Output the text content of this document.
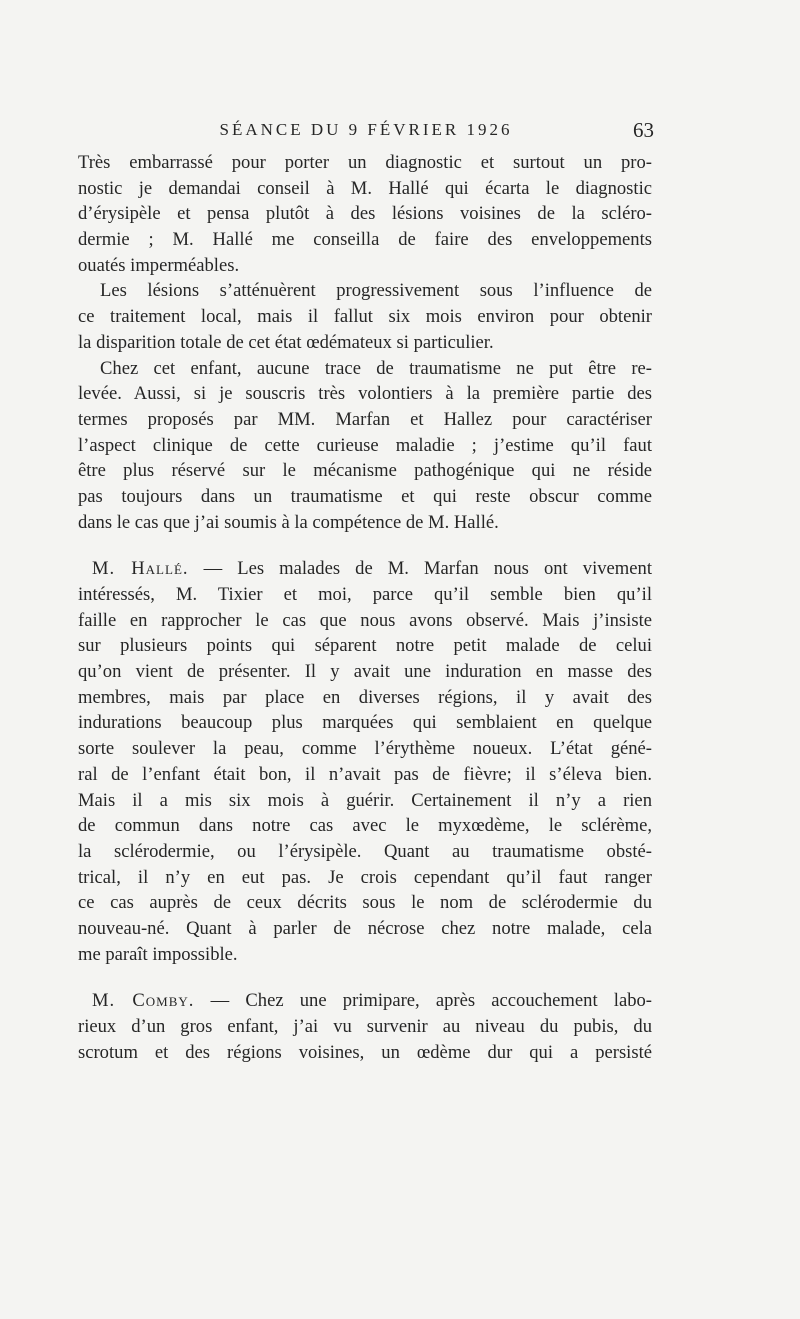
SÉANCE DU 9 FÉVRIER 1926	63
Très embarrassé pour porter un diagnostic et surtout un pro-
nostic je demandai conseil à M. Hallé qui écarta le diagnostic
d’érysipèle et pensa plutôt à des lésions voisines de la scléro-
dermie ; M. Hallé me conseilla de faire des enveloppements
ouatés imperméables.
Les lésions s’atténuèrent progressivement sous l’influence de
ce traitement local, mais il fallut six mois environ pour obtenir
la disparition totale de cet état œdémateux si particulier.
Chez cet enfant, aucune trace de traumatisme ne put être re-
levée. Aussi, si je souscris très volontiers à la première partie des
termes proposés par MM. Marfan et Hallez pour caractériser
l’aspect clinique de cette curieuse maladie ; j’estime qu’il faut
être plus réservé sur le mécanisme pathogénique qui ne réside
pas toujours dans un traumatisme et qui reste obscur comme
dans le cas que j’ai soumis à la compétence de M. Hallé.
M. Hallé. — Les malades de M. Marfan nous ont vivement
intéressés, M. Tixier et moi, parce qu’il semble bien qu’il
faille en rapprocher le cas que nous avons observé. Mais j’insiste
sur plusieurs points qui séparent notre petit malade de celui
qu’on vient de présenter. Il y avait une induration en masse des
membres, mais par place en diverses régions, il y avait des
indurations beaucoup plus marquées qui semblaient en quelque
sorte soulever la peau, comme l’érythème noueux. L’état géné-
ral de l’enfant était bon, il n’avait pas de fièvre; il s’éleva bien.
Mais il a mis six mois à guérir. Certainement il n’y a rien
de commun dans notre cas avec le myxœdème, le sclérème,
la sclérodermie, ou l’érysipèle. Quant au traumatisme obsté-
trical, il n’y en eut pas. Je crois cependant qu’il faut ranger
ce cas auprès de ceux décrits sous le nom de sclérodermie du
nouveau-né. Quant à parler de nécrose chez notre malade, cela
me paraît impossible.
M. Comby. — Chez une primipare, après accouchement labo-
rieux d’un gros enfant, j’ai vu survenir au niveau du pubis, du
scrotum et des régions voisines, un œdème dur qui a persisté
